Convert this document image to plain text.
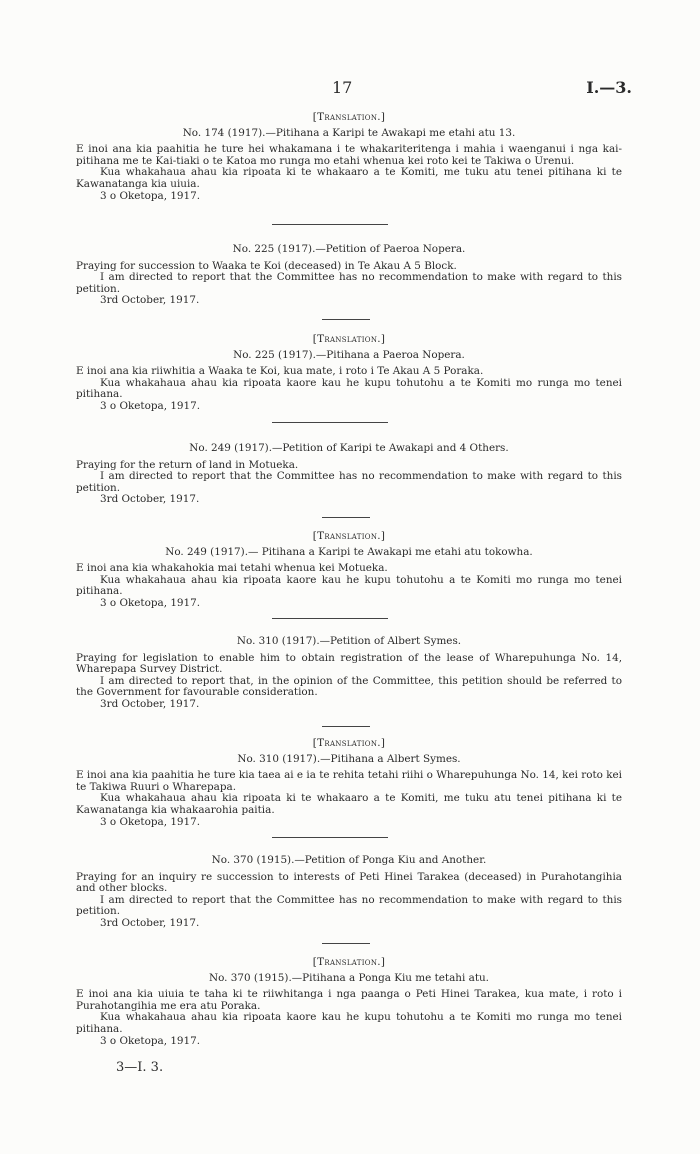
17	I.—3.
[Translation.]
No. 174 (1917).—Pitihana a Karipi te Awakapi me etahi atu 13.
E inoi ana kia paahitia he ture hei whakamana i te whakariteritenga i mahia i waenganui i nga kai-pitihana me te Kai-tiaki o te Katoa mo runga mo etahi whenua kei roto kei te Takiwa o Urenui.
Kua whakahaua ahau kia ripoata ki te whakaaro a te Komiti, me tuku atu tenei pitihana ki te Kawanatanga kia uiuia.
3 o Oketopa, 1917.
No. 225 (1917).—Petition of Paeroa Nopera.
Praying for succession to Waaka te Koi (deceased) in Te Akau A 5 Block.
I am directed to report that the Committee has no recommendation to make with regard to this petition.
3rd October, 1917.
[Translation.]
No. 225 (1917).—Pitihana a Paeroa Nopera.
E inoi ana kia riiwhitia a Waaka te Koi, kua mate, i roto i Te Akau A 5 Poraka.
Kua whakahaua ahau kia ripoata kaore kau he kupu tohutohu a te Komiti mo runga mo tenei pitihana.
3 o Oketopa, 1917.
No. 249 (1917).—Petition of Karipi te Awakapi and 4 Others.
Praying for the return of land in Motueka.
I am directed to report that the Committee has no recommendation to make with regard to this petition.
3rd October, 1917.
[Translation.]
No. 249 (1917).— Pitihana a Karipi te Awakapi me etahi atu tokowha.
E inoi ana kia whakahokia mai tetahi whenua kei Motueka.
Kua whakahaua ahau kia ripoata kaore kau he kupu tohutohu a te Komiti mo runga mo tenei pitihana.
3 o Oketopa, 1917.
No. 310 (1917).—Petition of Albert Symes.
Praying for legislation to enable him to obtain registration of the lease of Wharepuhunga No. 14, Wharepapa Survey District.
I am directed to report that, in the opinion of the Committee, this petition should be referred to the Government for favourable consideration.
3rd October, 1917.
[Translation.]
No. 310 (1917).—Pitihana a Albert Symes.
E inoi ana kia paahitia he ture kia taea ai e ia te rehita tetahi riihi o Wharepuhunga No. 14, kei roto kei te Takiwa Ruuri o Wharepapa.
Kua whakahaua ahau kia ripoata ki te whakaaro a te Komiti, me tuku atu tenei pitihana ki te Kawanatanga kia whakaarohia paitia.
3 o Oketopa, 1917.
No. 370 (1915).—Petition of Ponga Kiu and Another.
Praying for an inquiry re succession to interests of Peti Hinei Tarakea (deceased) in Purahotangihia and other blocks.
I am directed to report that the Committee has no recommendation to make with regard to this petition.
3rd October, 1917.
[Translation.]
No. 370 (1915).—Pitihana a Ponga Kiu me tetahi atu.
E inoi ana kia uiuia te taha ki te riiwhitanga i nga paanga o Peti Hinei Tarakea, kua mate, i roto i Purahotangihia me era atu Poraka.
Kua whakahaua ahau kia ripoata kaore kau he kupu tohutohu a te Komiti mo runga mo tenei pitihana.
3 o Oketopa, 1917.
3—I. 3.
